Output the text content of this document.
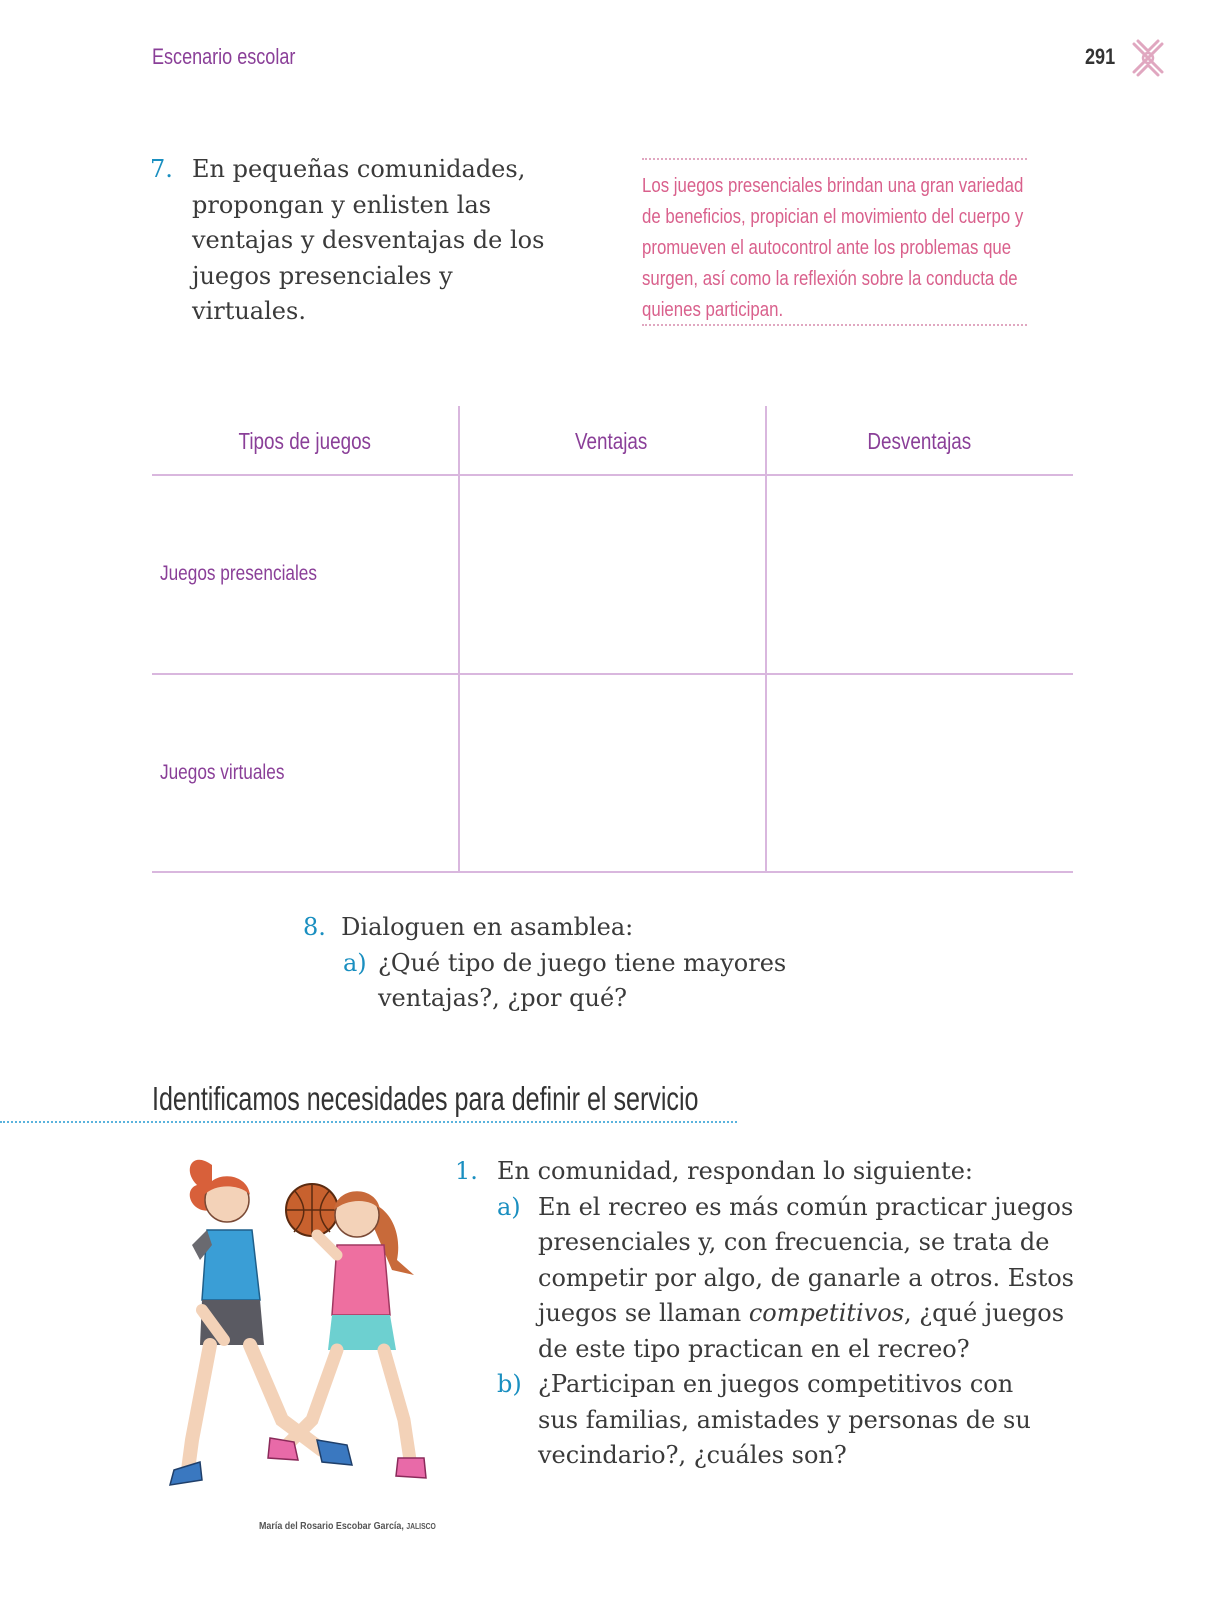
Escenario escolar	291
7. En pequeñas comunidades, propongan y enlisten las ventajas y desventajas de los juegos presenciales y virtuales.
Los juegos presenciales brindan una gran variedad de beneficios, propician el movimiento del cuerpo y promueven el autocontrol ante los problemas que surgen, así como la reflexión sobre la conducta de quienes participan.
Tipos de juegos	Ventajas	Desventajas
Juegos presenciales
Juegos virtuales
8. Dialoguen en asamblea:
a) ¿Qué tipo de juego tiene mayores ventajas?, ¿por qué?
Identificamos necesidades para definir el servicio
María del Rosario Escobar García, JALISCO
1. En comunidad, respondan lo siguiente:
a) En el recreo es más común practicar juegos presenciales y, con frecuencia, se trata de competir por algo, de ganarle a otros. Estos juegos se llaman competitivos, ¿qué juegos de este tipo practican en el recreo?
b) ¿Participan en juegos competitivos con sus familias, amistades y personas de su vecindario?, ¿cuáles son?
